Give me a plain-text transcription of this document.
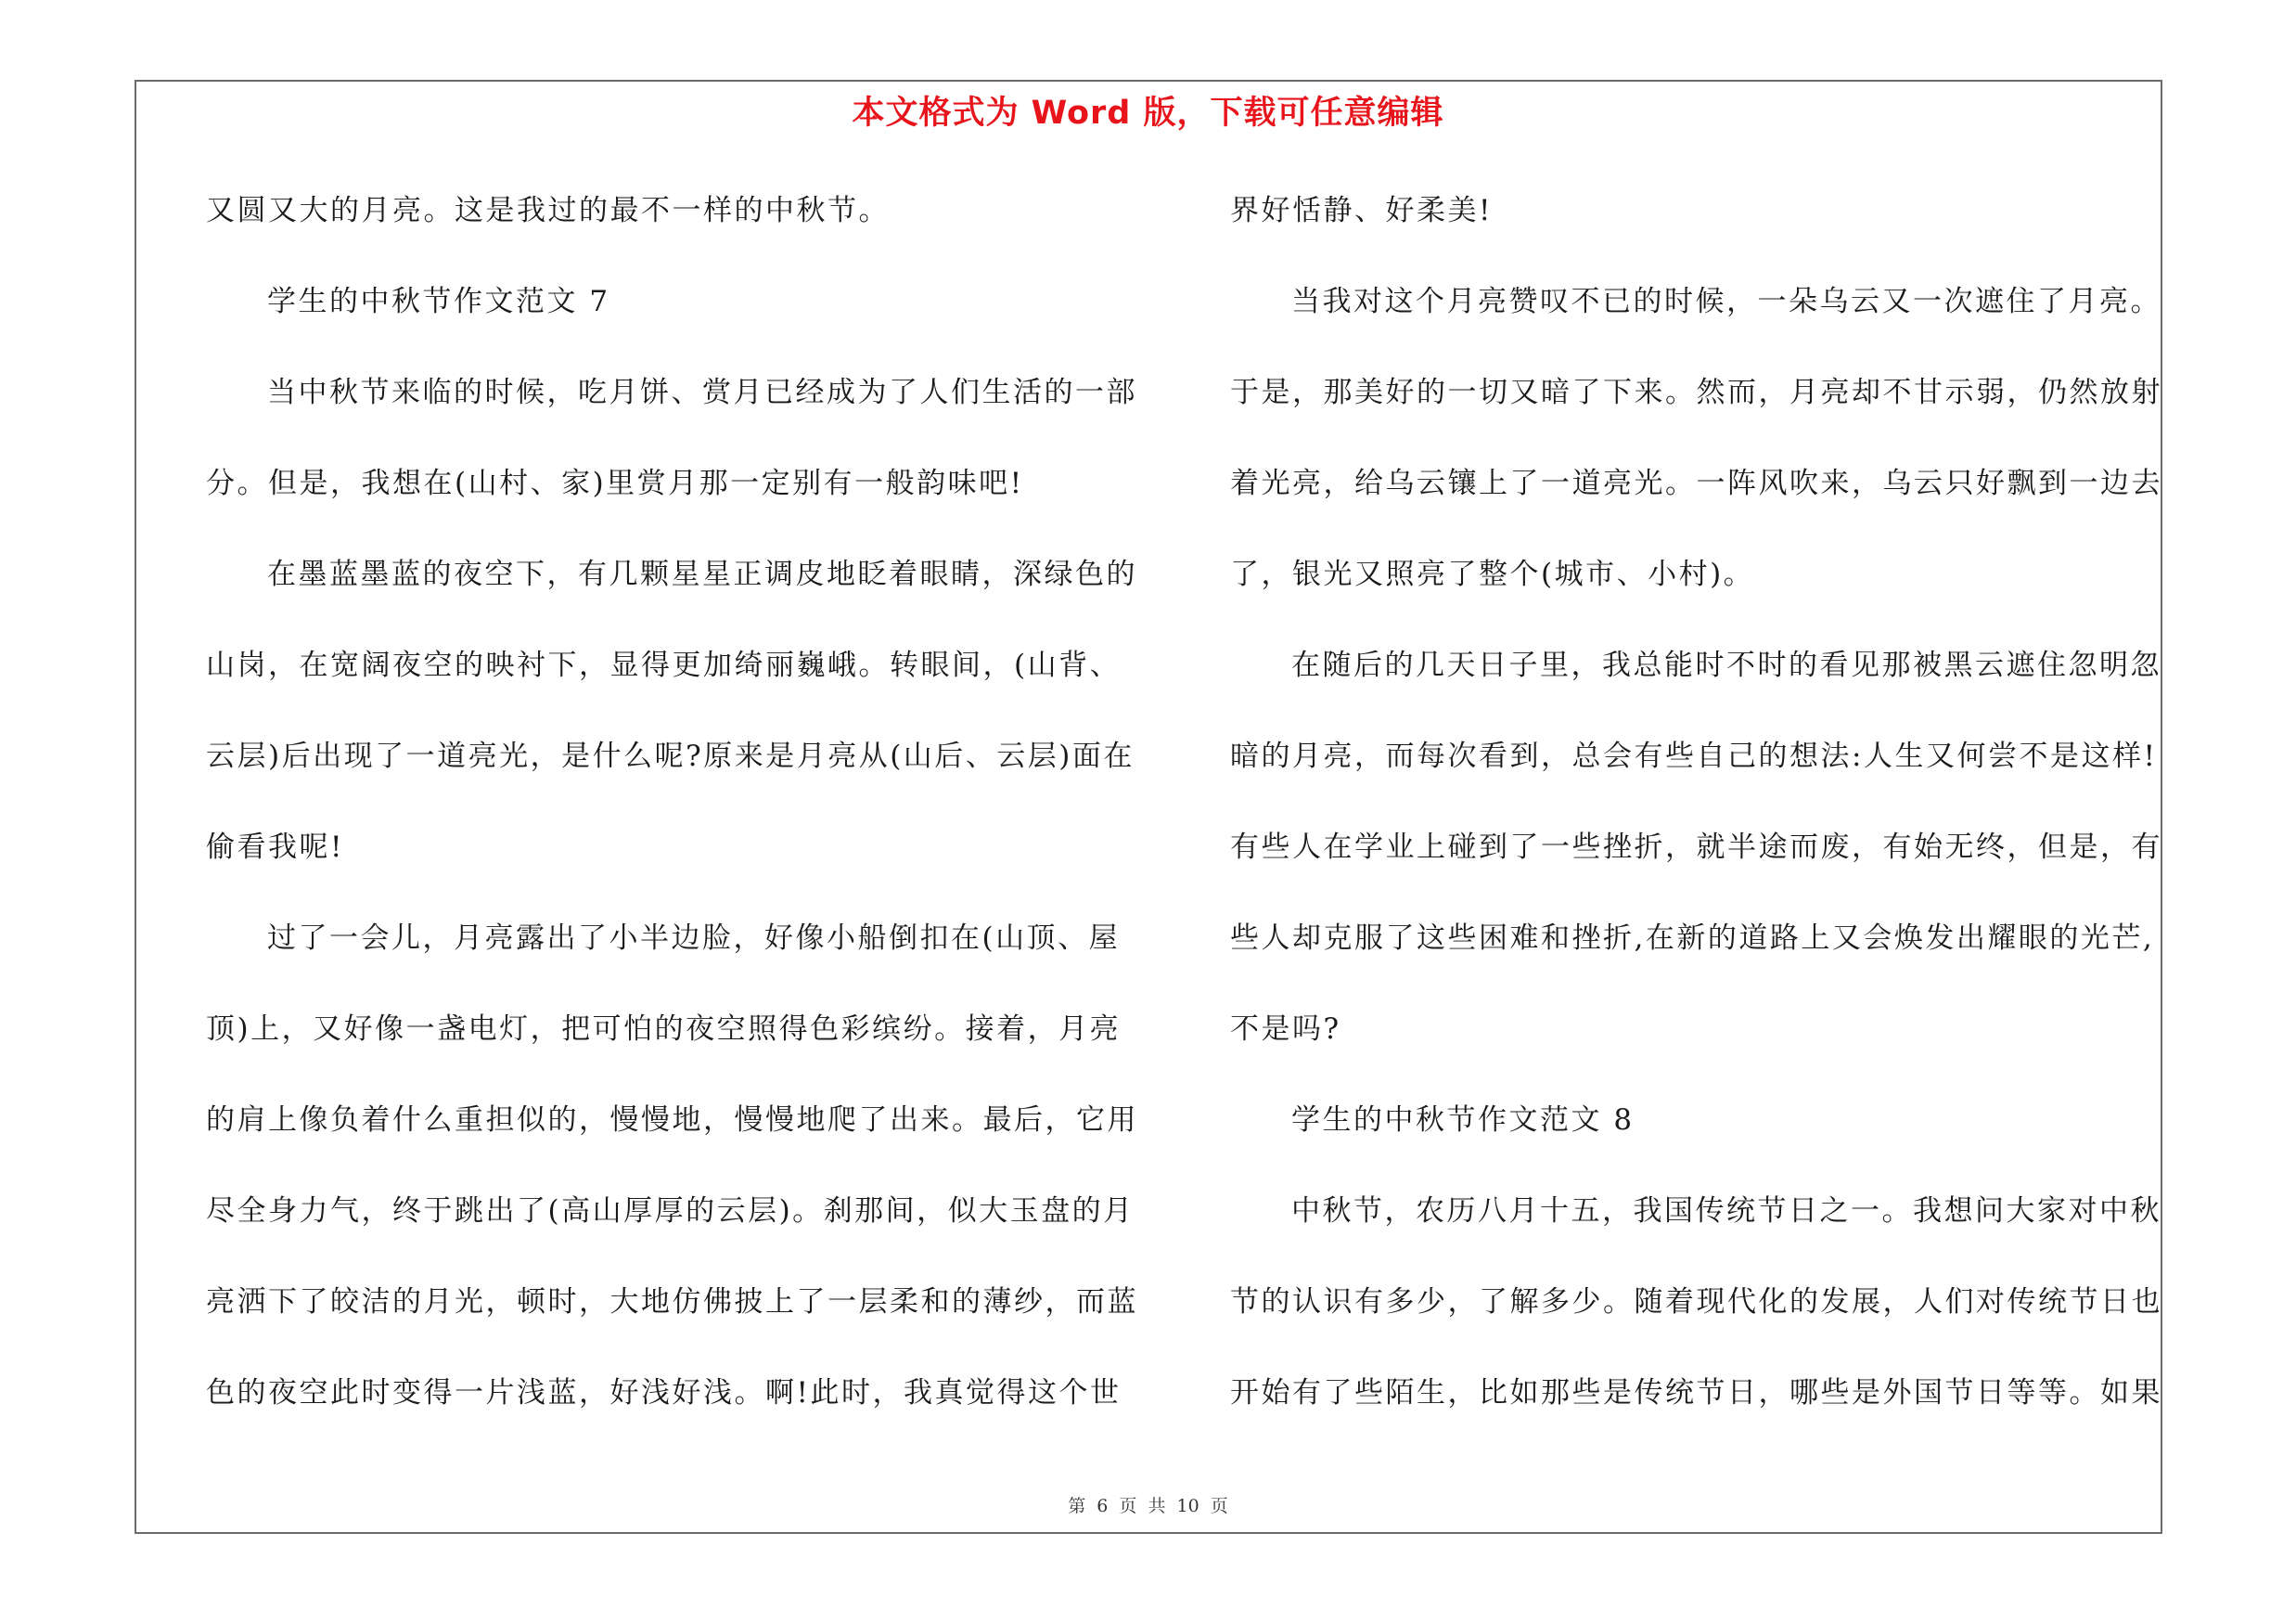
本文格式为 Word 版，下载可任意编辑
又圆又大的月亮。这是我过的最不一样的中秋节。
学生的中秋节作文范文 7
当中秋节来临的时候，吃月饼、赏月已经成为了人们生活的一部
分。但是，我想在(山村、家)里赏月那一定别有一般韵味吧!
在墨蓝墨蓝的夜空下，有几颗星星正调皮地眨着眼睛，深绿色的
山岗，在宽阔夜空的映衬下，显得更加绮丽巍峨。转眼间，(山背、
云层)后出现了一道亮光，是什么呢?原来是月亮从(山后、云层)面在
偷看我呢!
过了一会儿，月亮露出了小半边脸，好像小船倒扣在(山顶、屋
顶)上，又好像一盏电灯，把可怕的夜空照得色彩缤纷。接着，月亮
的肩上像负着什么重担似的，慢慢地，慢慢地爬了出来。最后，它用
尽全身力气，终于跳出了(高山厚厚的云层)。刹那间，似大玉盘的月
亮洒下了皎洁的月光，顿时，大地仿佛披上了一层柔和的薄纱，而蓝
色的夜空此时变得一片浅蓝，好浅好浅。啊!此时，我真觉得这个世
界好恬静、好柔美!
当我对这个月亮赞叹不已的时候，一朵乌云又一次遮住了月亮。
于是，那美好的一切又暗了下来。然而，月亮却不甘示弱，仍然放射
着光亮，给乌云镶上了一道亮光。一阵风吹来，乌云只好飘到一边去
了，银光又照亮了整个(城市、小村)。
在随后的几天日子里，我总能时不时的看见那被黑云遮住忽明忽
暗的月亮，而每次看到，总会有些自己的想法:人生又何尝不是这样!
有些人在学业上碰到了一些挫折，就半途而废，有始无终，但是，有
些人却克服了这些困难和挫折,在新的道路上又会焕发出耀眼的光芒,
不是吗?
学生的中秋节作文范文 8
中秋节，农历八月十五，我国传统节日之一。我想问大家对中秋
节的认识有多少，了解多少。随着现代化的发展，人们对传统节日也
开始有了些陌生，比如那些是传统节日，哪些是外国节日等等。如果
第 6 页 共 10 页
